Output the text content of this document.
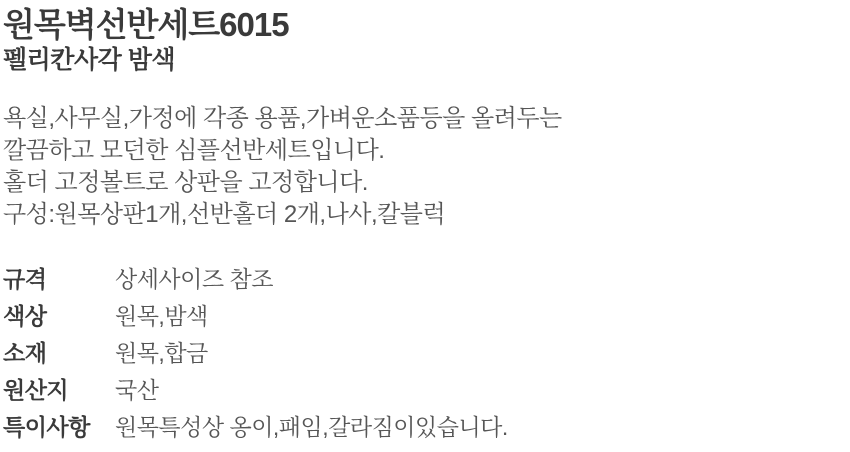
원목벽선반세트6015
펠리칸사각 밤색

욕실,사무실,가정에 각종 용품,가벼운소품등을 올려두는

깔끔하고 모던한 심플선반세트입니다.

홀더 고정볼트로 상판을 고정합니다.

구성:원목상판1개,선반홀더 2개,나사,칼블럭

규격	상세사이즈 참조
색상	원목,밤색
소재	원목,합금
원산지	국산
특이사항	원목특성상 옹이,패임,갈라짐이있습니다.
